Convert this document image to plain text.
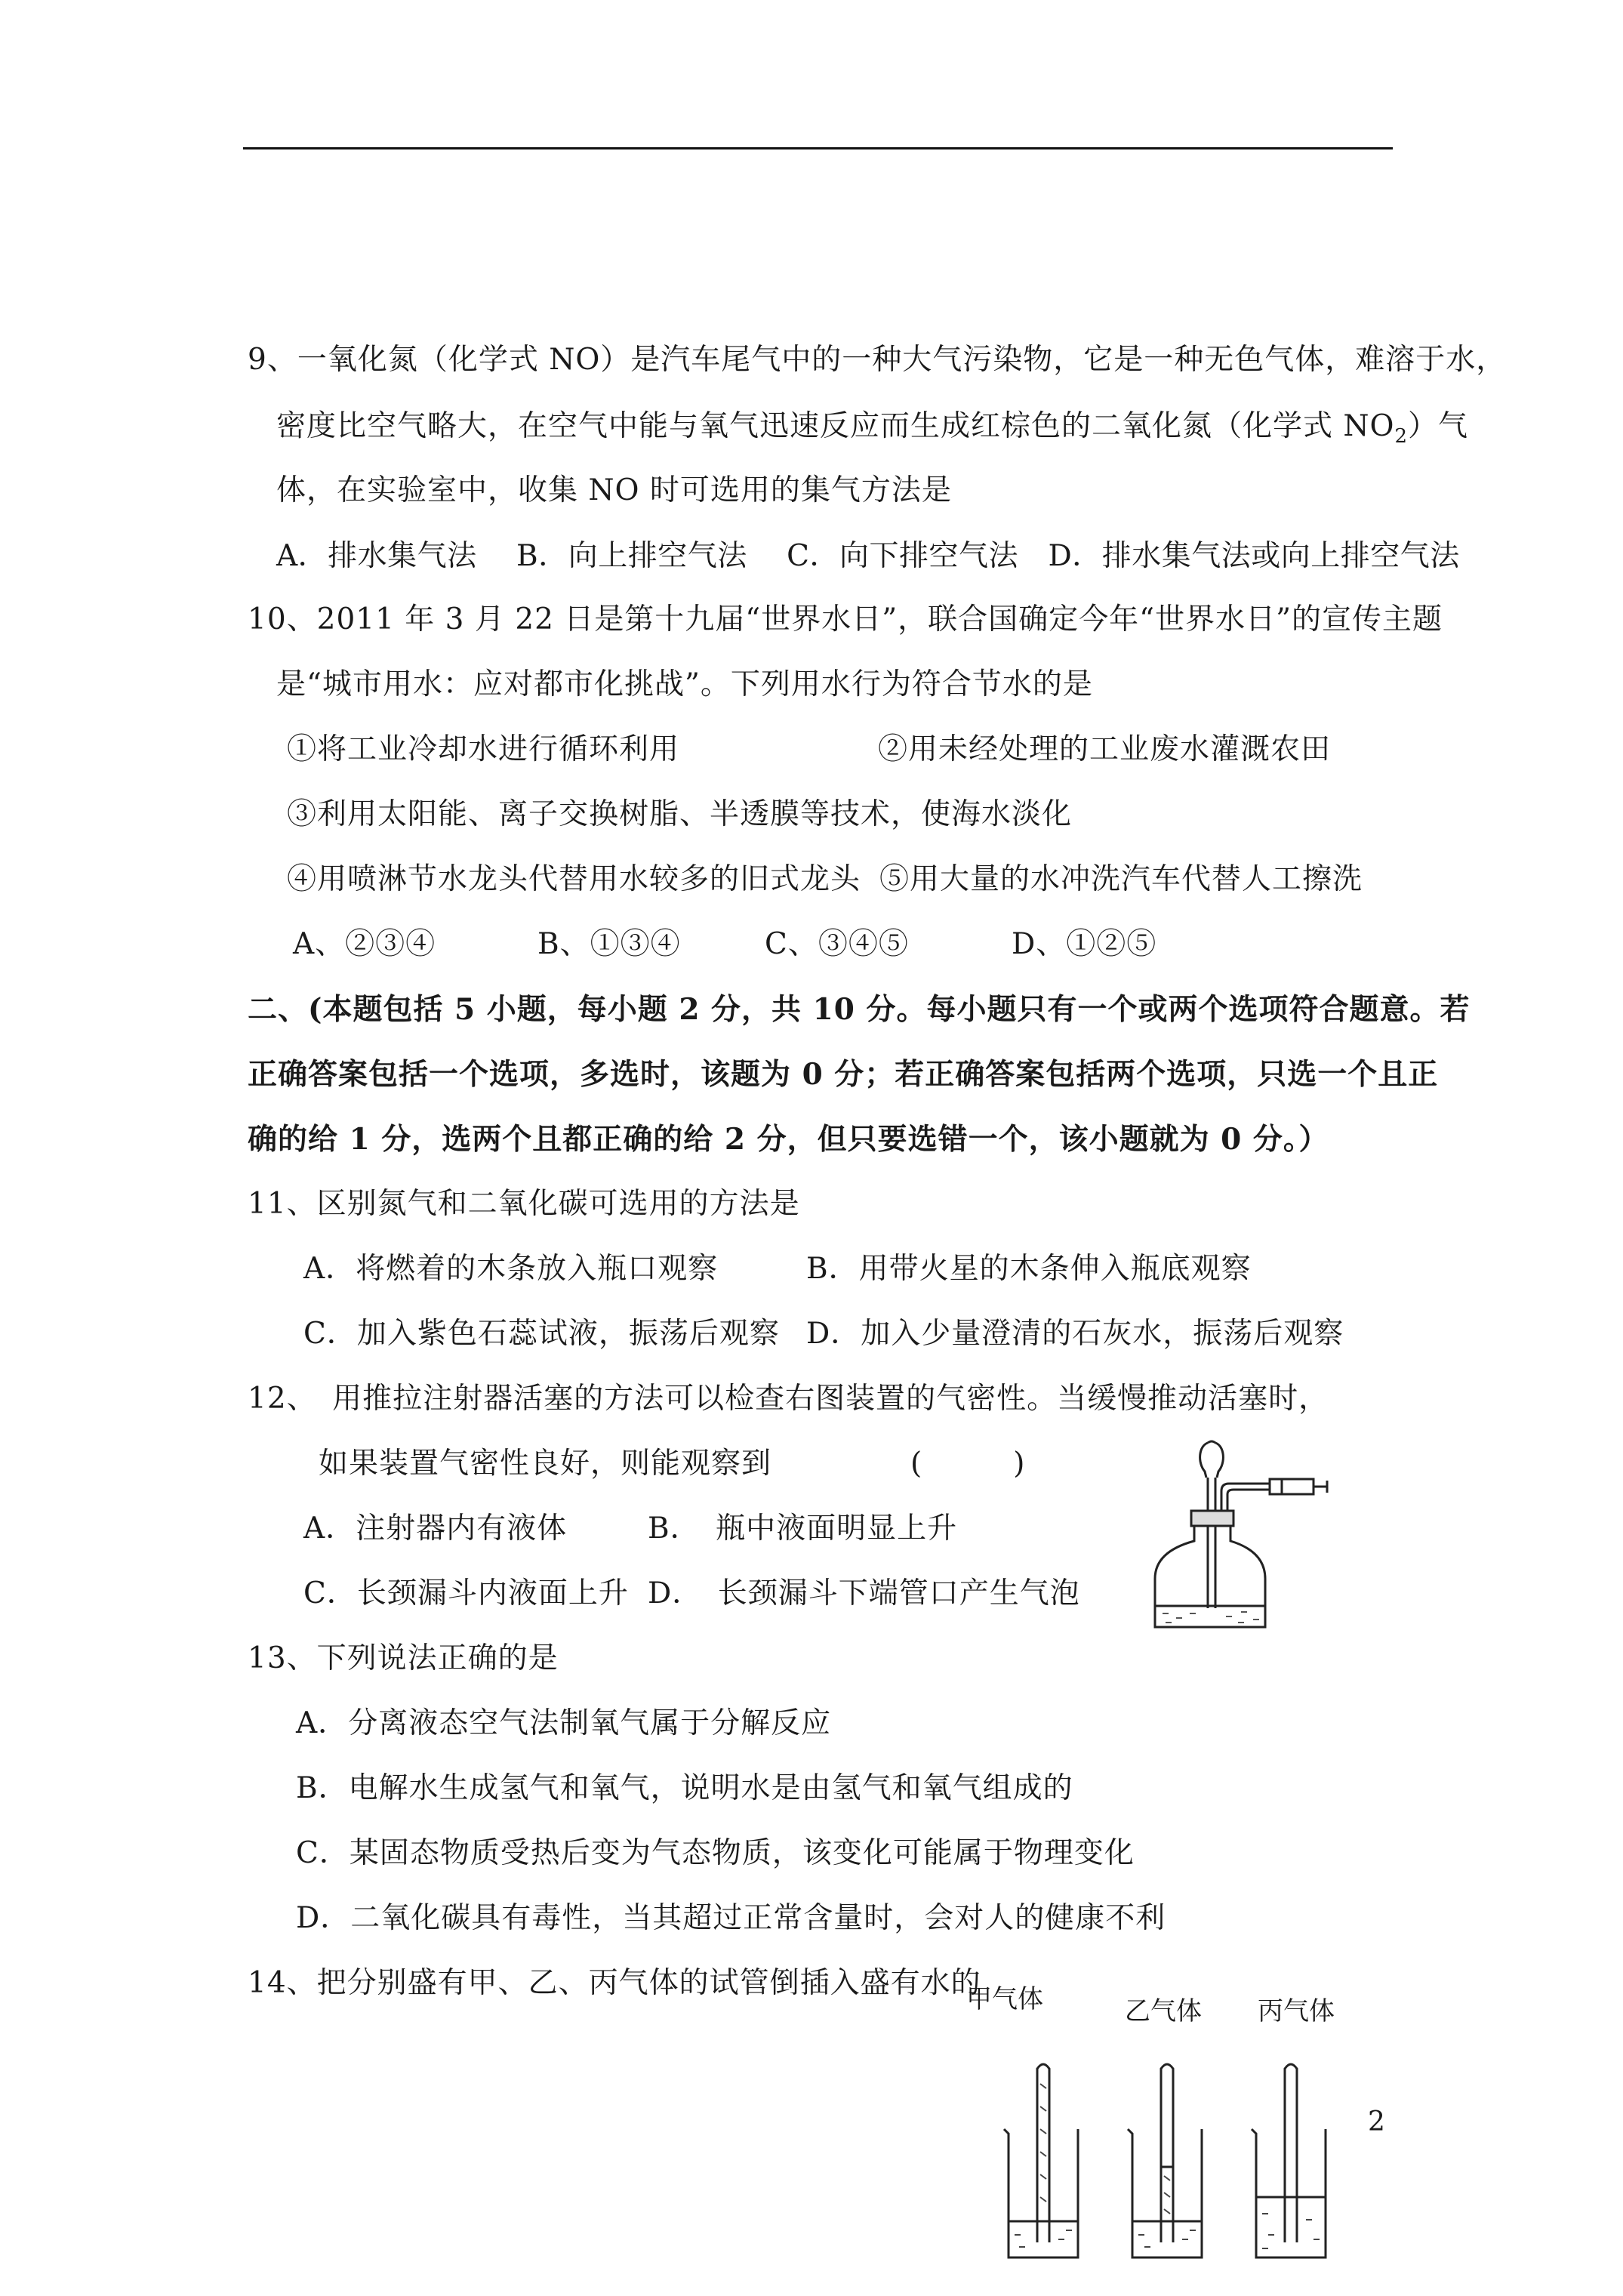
9、一氧化氮（化学式 NO）是汽车尾气中的一种大气污染物，它是一种无色气体，难溶于水，
密度比空气略大，在空气中能与氧气迅速反应而生成红棕色的二氧化氮（化学式 $NO_2$）气
体，在实验室中，收集 NO 时可选用的集气方法是
A．排水集气法　 B．向上排空气法　 C．向下排空气法　D．排水集气法或向上排空气法
10、2011 年 3 月 22 日是第十九届“世界水日”，联合国确定今年“世界水日”的宣传主题
是“城市用水：应对都市化挑战”。下列用水行为符合节水的是
①将工业冷却水进行循环利用	②用未经处理的工业废水灌溉农田
③利用太阳能、离子交换树脂、半透膜等技术，使海水淡化
④用喷淋节水龙头代替用水较多的旧式龙头 ⑤用大量的水冲洗汽车代替人工擦洗
A、②③④	B、①③④	C、③④⑤	D、①②⑤
二、(本题包括 5 小题，每小题 2 分，共 10 分。每小题只有一个或两个选项符合题意。若
正确答案包括一个选项，多选时，该题为 0 分；若正确答案包括两个选项，只选一个且正
确的给 1 分，选两个且都正确的给 2 分，但只要选错一个，该小题就为 0 分。）
11、区别氮气和二氧化碳可选用的方法是
A．将燃着的木条放入瓶口观察	B．用带火星的木条伸入瓶底观察
C．加入紫色石蕊试液，振荡后观察 D．加入少量澄清的石灰水，振荡后观察
12、　用推拉注射器活塞的方法可以检查右图装置的气密性。当缓慢推动活塞时，
如果装置气密性良好，则能观察到	(　　　)
A．注射器内有液体	B．　瓶中液面明显上升
C．长颈漏斗内液面上升 D．　长颈漏斗下端管口产生气泡
13、下列说法正确的是
A．分离液态空气法制氧气属于分解反应
B．电解水生成氢气和氧气，说明水是由氢气和氧气组成的
C．某固态物质受热后变为气态物质，该变化可能属于物理变化
D．二氧化碳具有毒性，当其超过正常含量时，会对人的健康不利
14、把分别盛有甲、乙、丙气体的试管倒插入盛有水的
甲气体	乙气体 丙气体
2
